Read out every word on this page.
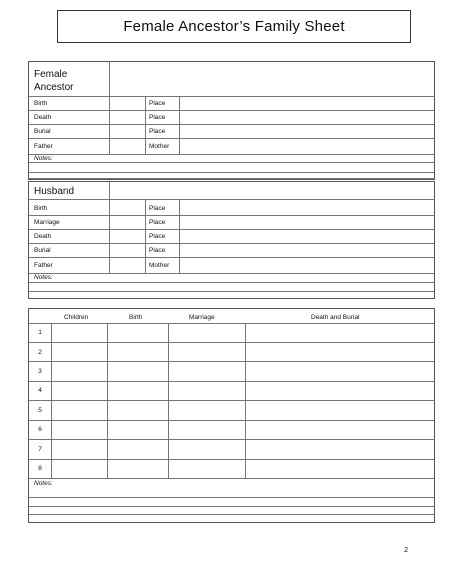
Female Ancestor’s Family Sheet
Female Ancestor
Birth	Place
Death	Place
Burial	Place
Father	Mother
Notes:
Husband
Birth	Place
Marriage	Place
Death	Place
Burial	Place
Father	Mother
Notes:
Children	Birth	Marriage	Death and Burial
1
2
3
4
5
6
7
8
Notes:
2
